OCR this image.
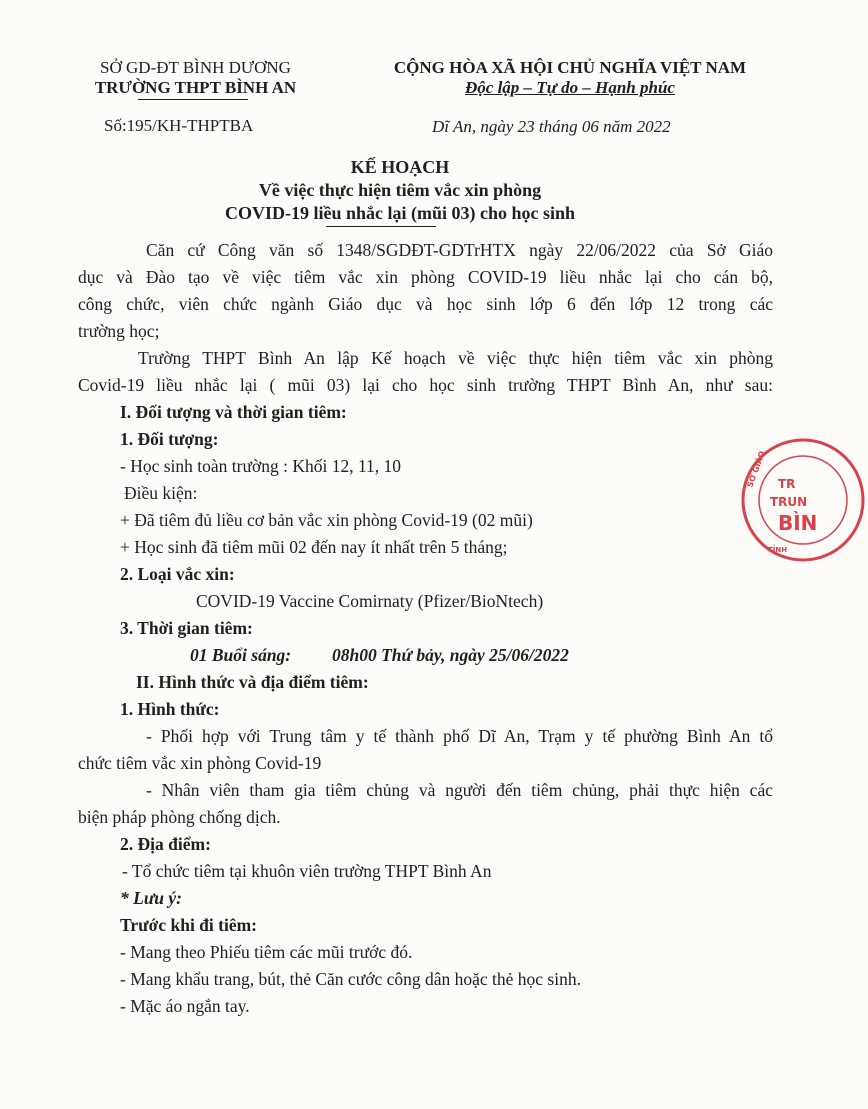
SỞ GD-ĐT BÌNH DƯƠNG
TRƯỜNG THPT BÌNH AN
Số:195/KH-THPTBA
CỘNG HÒA XÃ HỘI CHỦ NGHĨA VIỆT NAM
Độc lập – Tự do – Hạnh phúc
Dĩ An, ngày 23 tháng 06 năm 2022
KẾ HOẠCH
Về việc thực hiện tiêm vắc xin phòng
COVID-19 liều nhắc lại (mũi 03) cho học sinh
Căn cứ Công văn số 1348/SGDĐT-GDTrHTX ngày 22/06/2022 của Sở Giáo
dục và Đào tạo về việc tiêm vắc xin phòng COVID-19 liều nhắc lại cho cán bộ,
công chức, viên chức ngành Giáo dục và học sinh lớp 6 đến lớp 12 trong các
trường học;
Trường THPT Bình An lập Kế hoạch về việc thực hiện tiêm vắc xin phòng
Covid-19 liều nhắc lại ( mũi 03) lại cho học sinh trường THPT Bình An, như sau:
I. Đối tượng và thời gian tiêm:
1. Đối tượng:
- Học sinh toàn trường : Khối 12, 11, 10
Điều kiện:
+ Đã tiêm đủ liều cơ bản vắc xin phòng Covid-19 (02 mũi)
+ Học sinh đã tiêm mũi 02 đến nay ít nhất trên 5 tháng;
2. Loại vắc xin:
COVID-19 Vaccine Comirnaty (Pfizer/BioNtech)
3. Thời gian tiêm:
01 Buổi sáng: 08h00 Thứ bảy, ngày 25/06/2022
II. Hình thức và địa điểm tiêm:
1. Hình thức:
- Phối hợp với Trung tâm y tế thành phố Dĩ An, Trạm y tế phường Bình An tổ
chức tiêm vắc xin phòng Covid-19
- Nhân viên tham gia tiêm chủng và người đến tiêm chủng, phải thực hiện các
biện pháp phòng chống dịch.
2. Địa điểm:
- Tổ chức tiêm tại khuôn viên trường THPT Bình An
* Lưu ý:
Trước khi đi tiêm:
- Mang theo Phiếu tiêm các mũi trước đó.
- Mang khẩu trang, bút, thẻ Căn cước công dân hoặc thẻ học sinh.
- Mặc áo ngắn tay.
TR
TRUN
BÌN
SỞ GIÁO
TỈNH
